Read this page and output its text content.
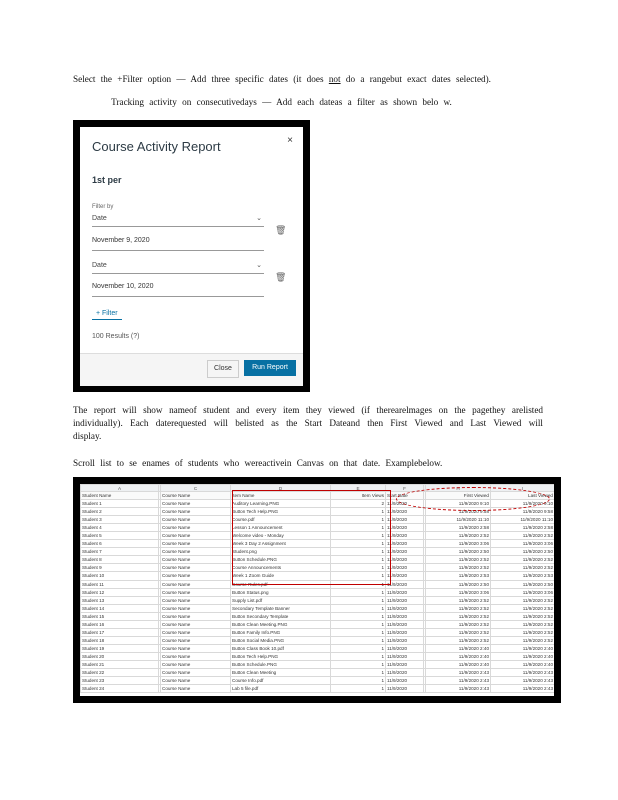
Select the +Filter option — Add three specific dates (it does not do a rangebut exact dates selected).
Tracking activity on consecutivedays — Add each dateas a filter as shown belo w.
Course Activity Report	×
1st per
Filter by
Date	⌄
🗑
November 9, 2020
Date	⌄
🗑
November 10, 2020
+ Filter
100 Results (?)
Close	Run Report
The report will show nameof student and every item they viewed (if therearelmages on the pagethey arelisted individually). Each daterequested will belisted as the Start Dateand then First Viewed and Last Viewed will display.
Scroll list to se enames of students who wereactivein Canvas on that date. Examplebelow.
A		C	D	E	F		H	I
Student Name		Course Name	Item Name	Item Views	Start Date		First Viewed	Last Viewed
Student 1		Course Name	Auditory Learning.PNG	2	11/9/2020		11/9/2020 9:10	11/9/2020 9:10
Student 2		Course Name	Button Tech Help.PNG	1	11/9/2020		11/9/2020 9:58	11/9/2020 9:58
Student 3		Course Name	Course.pdf	1	11/9/2020		11/9/2020 11:10	11/9/2020 11:10
Student 4		Course Name	Lesson 1 Announcement	1	11/9/2020		11/9/2020 2:58	11/9/2020 2:58
Student 5		Course Name	Welcome video - Monday	1	11/9/2020		11/9/2020 2:52	11/9/2020 2:52
Student 6		Course Name	Week 3 Day 2 Assignment	1	11/9/2020		11/9/2020 3:06	11/9/2020 3:06
Student 7		Course Name	Student.png	1	11/9/2020		11/9/2020 2:50	11/9/2020 2:50
Student 8		Course Name	Button Schedule.PNG	1	11/9/2020		11/9/2020 2:52	11/9/2020 2:52
Student 9		Course Name	Course Announcements	1	11/9/2020		11/9/2020 2:52	11/9/2020 2:52
Student 10		Course Name	Week 1 Zoom Guide	1	11/9/2020		11/9/2020 2:53	11/9/2020 2:53
Student 11		Course Name	Course Rules.pdf	1	11/9/2020		11/9/2020 2:50	11/9/2020 2:50
Student 12		Course Name	Button Status.png	1	11/9/2020		11/9/2020 3:06	11/9/2020 3:06
Student 13		Course Name	Supply List.pdf	1	11/9/2020		11/9/2020 2:52	11/9/2020 2:52
Student 14		Course Name	Secondary Template Banner	1	11/9/2020		11/9/2020 2:52	11/9/2020 2:52
Student 15		Course Name	Button Secondary Template	1	11/9/2020		11/9/2020 2:52	11/9/2020 2:52
Student 16		Course Name	Button Clean Meeting.PNG	1	11/9/2020		11/9/2020 2:52	11/9/2020 2:52
Student 17		Course Name	Button Family Info.PNG	1	11/9/2020		11/9/2020 2:52	11/9/2020 2:52
Student 18		Course Name	Button Social Media.PNG	1	11/9/2020		11/9/2020 2:52	11/9/2020 2:52
Student 19		Course Name	Button Class Book 10.pdf	1	11/9/2020		11/9/2020 2:40	11/9/2020 2:40
Student 20		Course Name	Button Tech Help.PNG	1	11/9/2020		11/9/2020 2:40	11/9/2020 2:40
Student 21		Course Name	Button Schedule.PNG	1	11/9/2020		11/9/2020 2:40	11/9/2020 2:40
Student 22		Course Name	Button Clean Meeting	1	11/9/2020		11/9/2020 2:43	11/9/2020 2:43
Student 23		Course Name	Course Info.pdf	1	11/9/2020		11/9/2020 2:43	11/9/2020 2:43
Student 24		Course Name	Lab 5 file.pdf	1	11/9/2020		11/9/2020 2:43	11/9/2020 2:43
